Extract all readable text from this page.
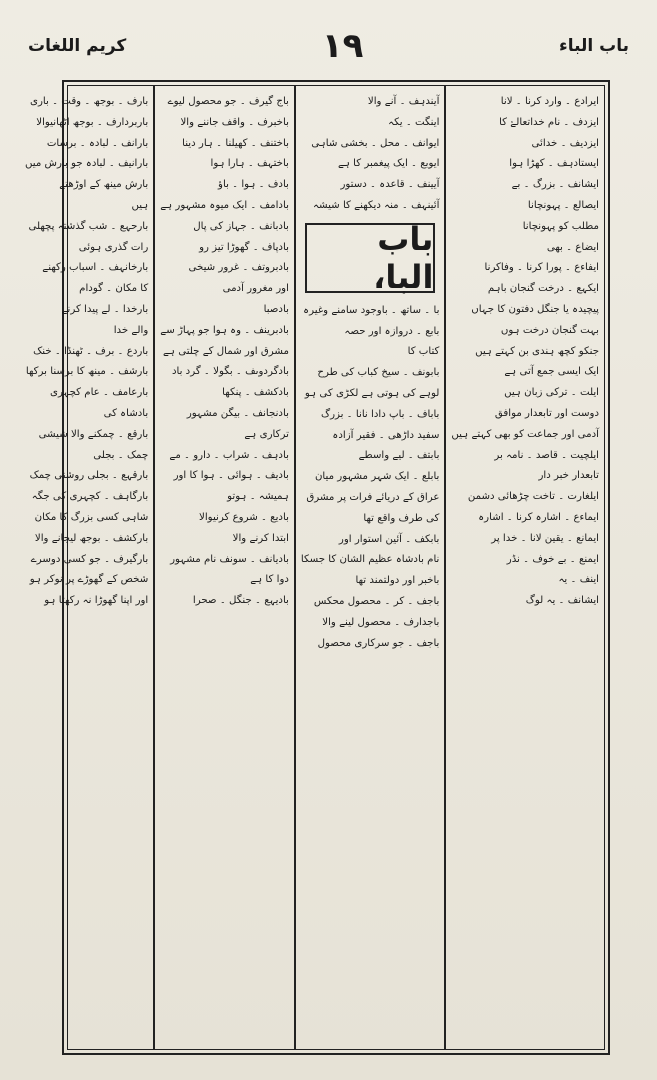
باب الباء
١٩
کریم اللغات
ایرادع ۔ وارد کرنا ۔ لانا
ایزدف ۔ نام خداتعالےٰ کا
ایزدیف ۔ خدائی
ایستادہف ۔ کھڑا ہوا
ایشانف ۔ بزرگ ۔ بے
ایصالع ۔ پہونچانا
مطلب کو پہونچانا
ایضاع ۔ بھی
ایفاءع ۔ پورا کرنا ۔ وفاکرنا
ایکہع ۔ درخت گنجان باہم
پیچیدہ یا جنگل دفتون کا جہاں
بہت گنجان درخت ہوں
جنکو کچھ ہندی بن کہتے ہیں
ایک ایسی جمع آتی ہے
ایلت ۔ ترکی زبان ہیں
دوست اور تابعدار موافق
آدمی اور جماعت کو بھی کہتے ہیں
ایلچیت ۔ قاصد ۔ نامہ بر
تابعدار خبر دار
ایلغارت ۔ تاخت چڑھائی دشمن
ایماءع ۔ اشارہ کرنا ۔ اشارہ
ایمانع ۔ یقین لانا ۔ خدا پر
ایمنع ۔ بے خوف ۔ نڈر
اینف ۔ یہ
ایشانف ۔ یہ لوگ
آیندہف ۔ آنے والا
اینگت ۔ یکہ
ایوانف ۔ محل ۔ بخشی شاہی
ایوبع ۔ ایک پیغمبر کا ہے
آیینف ۔ قاعدہ ۔ دستور
آئینہف ۔ منہ دیکھنے کا شیشہ
باب البا،
با ۔ ساتھ ۔ باوجود سامنے وغیرہ
بابع ۔ دروازہ اور حصہ
کتاب کا
بابونف ۔ سیخ کباب کی طرح
لوہے کی ہوتی ہے لکڑی کی ہو
باباف ۔ باپ دادا نانا ۔ بزرگ
سفید داڑھی ۔ فقیر آزادہ
بابتف ۔ لیے واسطے
بابلع ۔ ایک شہر مشہور میان
عراق کے دریائے فرات پر مشرق
کی طرف واقع تھا
بابکف ۔ آئین استوار اور
نام بادشاہ عظیم الشان کا جسکا
باخبر اور دولتمند تھا
باجف ۔ کر ۔ محصول محکس
باجدارف ۔ محصول لینے والا
باجف ۔ جو سرکاری محصول
باج گیرف ۔ جو محصول لیوے
باخبرف ۔ واقف جاننے والا
باختنف ۔ کھیلنا ۔ ہار دینا
باختہف ۔ ہارا ہوا
بادف ۔ ہوا ۔ باؤ
بادامف ۔ ایک میوہ مشہور ہے
بادبانف ۔ جہاز کی پال
بادپاف ۔ گھوڑا تیز رو
بادبروتف ۔ غرور شیخی
اور مغرور آدمی
بادصبا
بادبرینف ۔ وہ ہوا جو پہاڑ سے
مشرق اور شمال کے چلتی ہے
بادگردوںف ۔ بگولا ۔ گرد باد
بادکشف ۔ پنکھا
بادنجانف ۔ بیگن مشہور
ترکاری ہے
بادہف ۔ شراب ۔ دارو ۔ مے
بادیف ۔ ہوائی ۔ ہوا کا اور
ہمیشہ ۔ ہوتو
بادیع ۔ شروع کرنیوالا
ابتدا کرنے والا
بادیانف ۔ سونف نام مشہور
دوا کا ہے
بادیہع ۔ جنگل ۔ صحرا
بارف ۔ بوجھ ۔ وقت ۔ باری
باربردارف ۔ بوجھ اٹھانیوالا
بارانف ۔ لبادہ ۔ برسات
بارانیف ۔ لبادہ جو بارش میں
بارش مینھ کے اوڑھتے
ہیں
بارحہع ۔ شب گذشتہ پچھلی
رات گذری ہوئی
بارخانہف ۔ اسباب رکھنے
کا مکان ۔ گودام
بارخدا ۔ لے پیدا کرنے
والے خدا
باردع ۔ برف ۔ ٹھنڈا ۔ خنک
بارشف ۔ مینھ کا برسنا برکھا
بارعامف ۔ عام کچہری
بادشاہ کی
بارقع ۔ چمکنے والا شیشی
چمک ۔ بجلی
بارقہع ۔ بجلی روشنی چمک
بارگاہف ۔ کچہری کی جگہ
شاہی کسی بزرگ کا مکان
بارکشف ۔ بوجھ لیجانے والا
بارگیرف ۔ جو کسی دوسرے
شخص کے گھوڑے پر نوکر ہو
اور اپنا گھوڑا نہ رکھتا ہو
